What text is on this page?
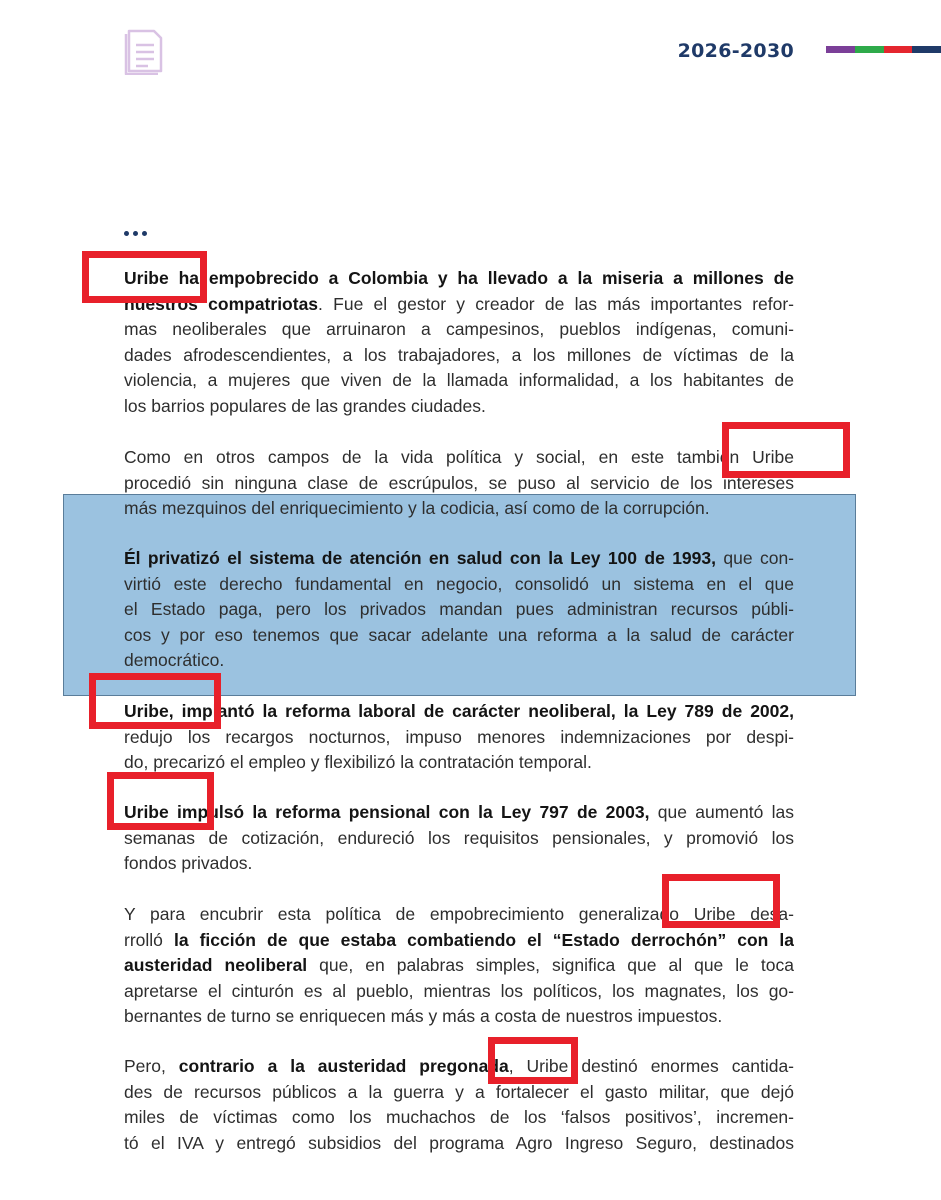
2026-2030
Uribe ha empobrecido a Colombia y ha llevado a la miseria a millones de
nuestros compatriotas. Fue el gestor y creador de las más importantes refor-
mas neoliberales que arruinaron a campesinos, pueblos indígenas, comuni-
dades afrodescendientes, a los trabajadores, a los millones de víctimas de la
violencia, a mujeres que viven de la llamada informalidad, a los habitantes de
los barrios populares de las grandes ciudades.
Como en otros campos de la vida política y social, en este también Uribe
procedió sin ninguna clase de escrúpulos, se puso al servicio de los intereses
más mezquinos del enriquecimiento y la codicia, así como de la corrupción.
Él privatizó el sistema de atención en salud con la Ley 100 de 1993, que con-
virtió este derecho fundamental en negocio, consolidó un sistema en el que
el Estado paga, pero los privados mandan pues administran recursos públi-
cos y por eso tenemos que sacar adelante una reforma a la salud de carácter
democrático.
Uribe, implantó la reforma laboral de carácter neoliberal, la Ley 789 de 2002,
redujo los recargos nocturnos, impuso menores indemnizaciones por despi-
do, precarizó el empleo y flexibilizó la contratación temporal.
Uribe impulsó la reforma pensional con la Ley 797 de 2003, que aumentó las
semanas de cotización, endureció los requisitos pensionales, y promovió los
fondos privados.
Y para encubrir esta política de empobrecimiento generalizado Uribe desa-
rrolló la ficción de que estaba combatiendo el “Estado derrochón” con la
austeridad neoliberal que, en palabras simples, significa que al que le toca
apretarse el cinturón es al pueblo, mientras los políticos, los magnates, los go-
bernantes de turno se enriquecen más y más a costa de nuestros impuestos.
Pero, contrario a la austeridad pregonada, Uribe destinó enormes cantida-
des de recursos públicos a la guerra y a fortalecer el gasto militar, que dejó
miles de víctimas como los muchachos de los ‘falsos positivos’, incremen-
tó el IVA y entregó subsidios del programa Agro Ingreso Seguro, destinados
